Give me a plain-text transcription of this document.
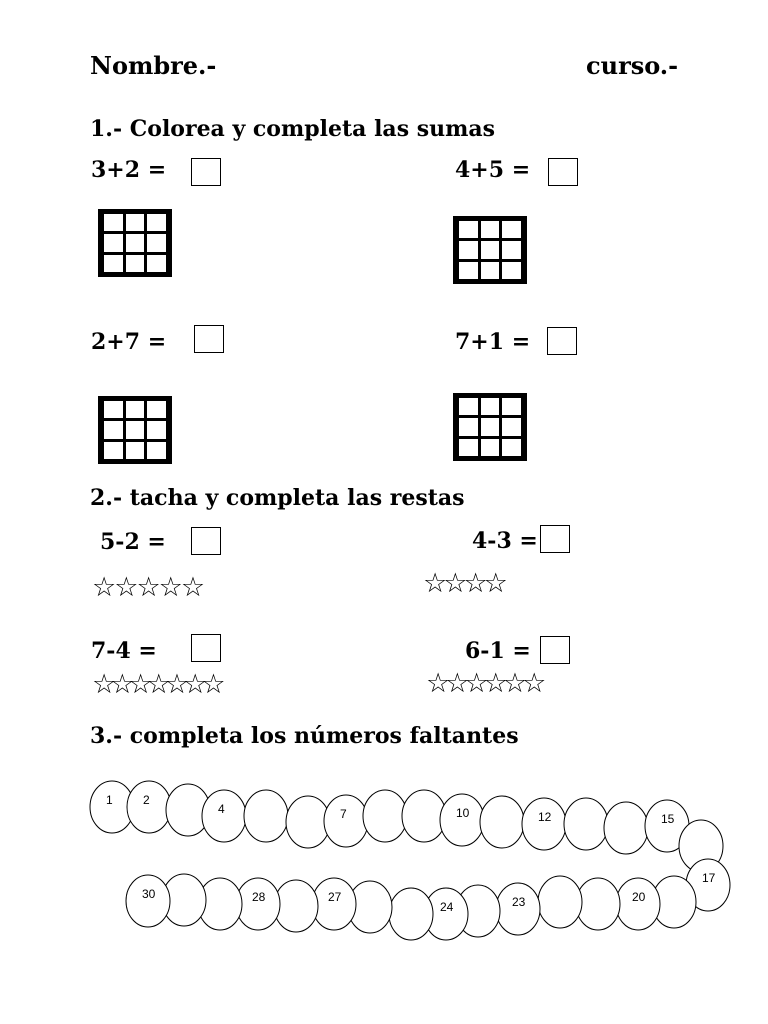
Nombre.-	curso.-
1.- Colorea y completa las sumas
3+2 =	4+5 =
2+7 =	7+1 =
2.- tacha y completa las restas
5-2 =
☆☆☆☆☆
4-3 =
☆☆☆☆
7-4 =
☆☆☆☆☆☆☆
6-1 =
☆☆☆☆☆☆
3.- completa los números faltantes
1	2
4	7	10	12	15
17
20
23
24
27
28
30
